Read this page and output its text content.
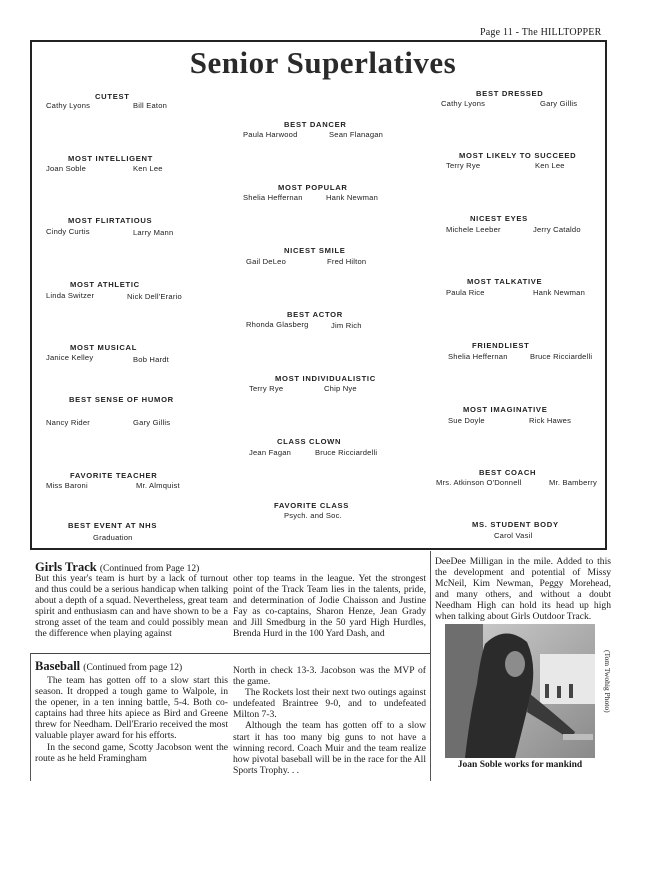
Page 11 - The HILLTOPPER
Senior Superlatives
CUTEST
Cathy Lyons	Bill Eaton
MOST INTELLIGENT
Joan Soble	Ken Lee
MOST FLIRTATIOUS
Cindy Curtis	Larry Mann
MOST ATHLETIC
Linda Switzer	Nick Dell'Erario
MOST MUSICAL
Janice Kelley	Bob Hardt
BEST SENSE OF HUMOR
Nancy Rider	Gary Gillis
FAVORITE TEACHER
Miss Baroni	Mr. Almquist
BEST EVENT AT NHS
Graduation
BEST DANCER
Paula Harwood	Sean Flanagan
MOST POPULAR
Shelia Heffernan	Hank Newman
NICEST SMILE
Gail DeLeo	Fred Hilton
BEST ACTOR
Rhonda Glasberg	Jim Rich
MOST INDIVIDUALISTIC
Terry Rye	Chip Nye
CLASS CLOWN
Jean Fagan	Bruce Ricciardelli
FAVORITE CLASS
Psych. and Soc.
BEST DRESSED
Cathy Lyons	Gary Gillis
MOST LIKELY TO SUCCEED
Terry Rye	Ken Lee
NICEST EYES
Michele Leeber	Jerry Cataldo
MOST TALKATIVE
Paula Rice	Hank Newman
FRIENDLIEST
Shelia Heffernan	Bruce Ricciardelli
MOST IMAGINATIVE
Sue Doyle	Rick Hawes
BEST COACH
Mrs. Atkinson O'Donnell	Mr. Bamberry
MS. STUDENT BODY
Carol Vasil
Girls Track (Continued from Page 12)

But this year's team is hurt by a lack of turnout and thus could be a serious handicap when talking about a depth of a squad. Nevertheless, great team spirit and enthusiasm can and have shown to be a strong asset of the team and could possibly mean the difference when playing against

other top teams in the league. Yet the strongest point of the Track Team lies in the talents, pride, and determination of Jodie Chaisson and Justine Fay as co-captains, Sharon Henze, Jean Grady and Jill Smedburg in the 50 yard High Hurdles, Brenda Hurd in the 100 Yard Dash, and

DeeDee Milligan in the mile. Added to this the development and potential of Missy McNeil, Kim Newman, Peggy Morehead, and many others, and without a doubt Needham High can hold its head up high when talking about Girls Outdoor Track.

Baseball (Continued from page 12)

The team has gotten off to a slow start this season. It dropped a tough game to Walpole, in the opener, in a ten inning battle, 5-4. Both co-captains had three hits apiece as Bird and Greene threw for Needham. Dell'Erario received the most valuable player award for his efforts.

In the second game, Scotty Jacobson went the route as he held Framingham

North in check 13-3. Jacobson was the MVP of the game.

The Rockets lost their next two outings against undefeated Braintree 9-0, and to undefeated Milton 7-3.

Although the team has gotten off to a slow start it has too many big guns to not have a winning record. Coach Muir and the team realize how pivotal baseball will be in the race for the All Sports Trophy. . .

(Tom Twohig Photo)
Joan Soble works for mankind
